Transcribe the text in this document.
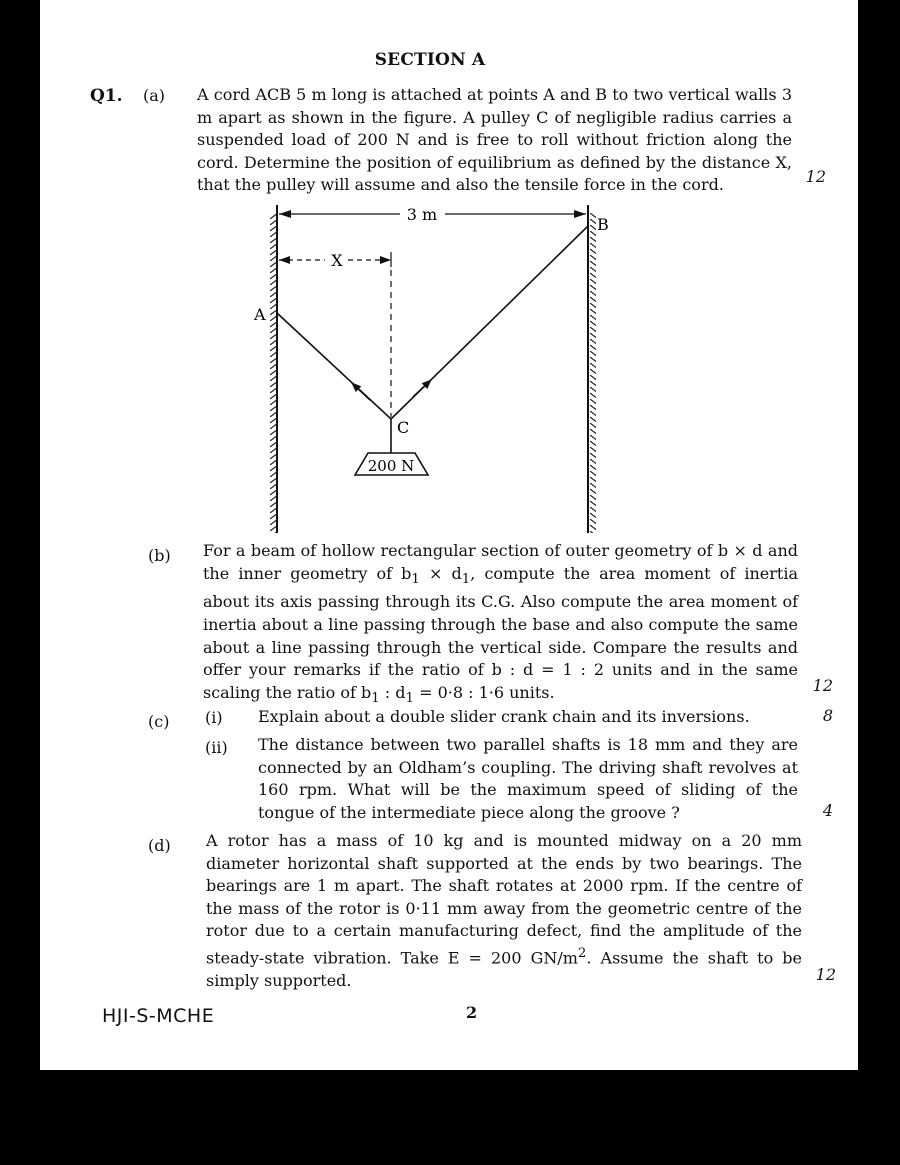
SECTION A
Q1. (a) A cord ACB 5 m long is attached at points A and B to two vertical walls 3 m apart as shown in the figure. A pulley C of negligible radius carries a suspended load of 200 N and is free to roll without friction along the cord. Determine the position of equilibrium as defined by the distance X, that the pulley will assume and also the tensile force in the cord.	12
3 m
X
200 N
A
B
C
(b) For a beam of hollow rectangular section of outer geometry of b × d and the inner geometry of $b_1 \times d_1$, compute the area moment of inertia about its axis passing through its C.G. Also compute the area moment of inertia about a line passing through the base and also compute the same about a line passing through the vertical side. Compare the results and offer your remarks if the ratio of b : d = 1 : 2 units and in the same scaling the ratio of $b_1$ : $d_1 = 0\cdot 8$ : 1·6 units.	12
(c) (i) Explain about a double slider crank chain and its inversions.	8
(ii) The distance between two parallel shafts is 18 mm and they are connected by an Oldham’s coupling. The driving shaft revolves at 160 rpm. What will be the maximum speed of sliding of the tongue of the intermediate piece along the groove ?	4
(d) A rotor has a mass of 10 kg and is mounted midway on a 20 mm diameter horizontal shaft supported at the ends by two bearings. The bearings are 1 m apart. The shaft rotates at 2000 rpm. If the centre of the mass of the rotor is 0·11 mm away from the geometric centre of the rotor due to a certain manufacturing defect, find the amplitude of the steady-state vibration. Take E = 200 $GN/m^2$. Assume the shaft to be simply supported.	12
HJI-S-MCHE	2
